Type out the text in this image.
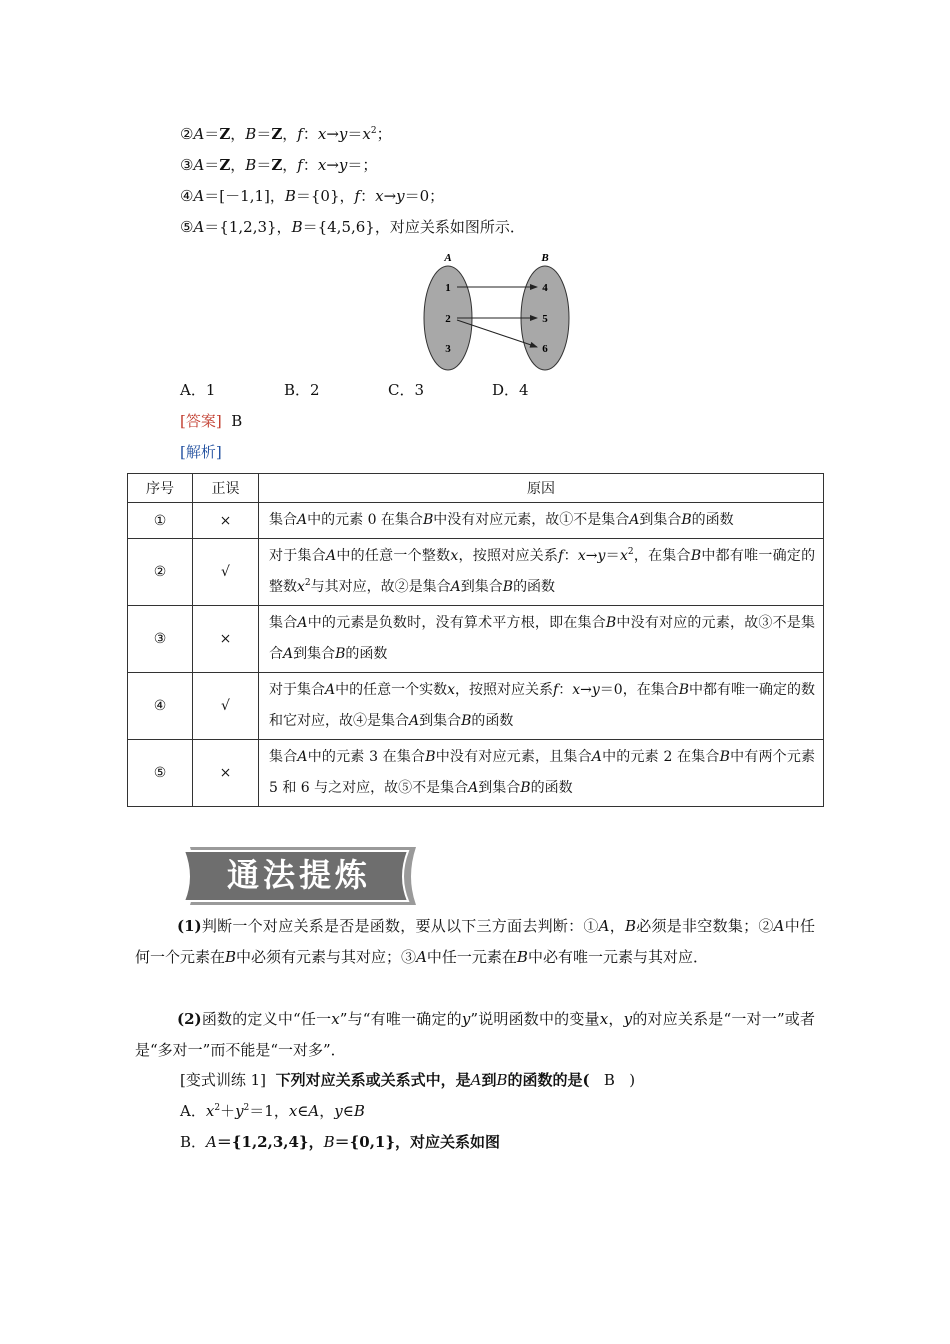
②A＝Z，B＝Z，f：$x\to y=x^2$；
③A＝Z，B＝Z，f：x→y＝；
④A＝[－1,1]，B＝{0}，f：x→y＝0；
⑤A＝{1,2,3}，B＝{4,5,6}，对应关系如图所示．
A	B
1
2
3
4
5
6
A．1	B．2	C．3	D．4
[答案] B
[解析]
序号	正误	原因
①	×	集合A中的元素 0 在集合B中没有对应元素，故①不是集合A到集合B的函数
②	√	对于集合A中的任意一个整数x，按照对应关系f：$x\to y=x^2$，在集合B中都有唯一确定的整数$x^2$与其对应，故②是集合A到集合B的函数
③	×	集合A中的元素是负数时，没有算术平方根，即在集合B中没有对应的元素，故③不是集合A到集合B的函数
④	√	对于集合A中的任意一个实数x，按照对应关系f：x→y＝0，在集合B中都有唯一确定的数和它对应，故④是集合A到集合B的函数
⑤	×	集合A中的元素 3 在集合B中没有对应元素，且集合A中的元素 2 在集合B中有两个元素 5 和 6 与之对应，故⑤不是集合A到集合B的函数
通法提炼
(1)判断一个对应关系是否是函数，要从以下三方面去判断：①A，B必须是非空数集；②A中任何一个元素在B中必须有元素与其对应；③A中任一元素在B中必有唯一元素与其对应．
(2)函数的定义中“任一x”与“有唯一确定的y”说明函数中的变量x，y的对应关系是“一对一”或者是“多对一”而不能是“一对多”．
[变式训练 1] 下列对应关系或关系式中，是A到B的函数的是( B )
A．$x^2+y^2=1$，x∈A，y∈B
B．A＝{1,2,3,4}，B＝{0,1}，对应关系如图
